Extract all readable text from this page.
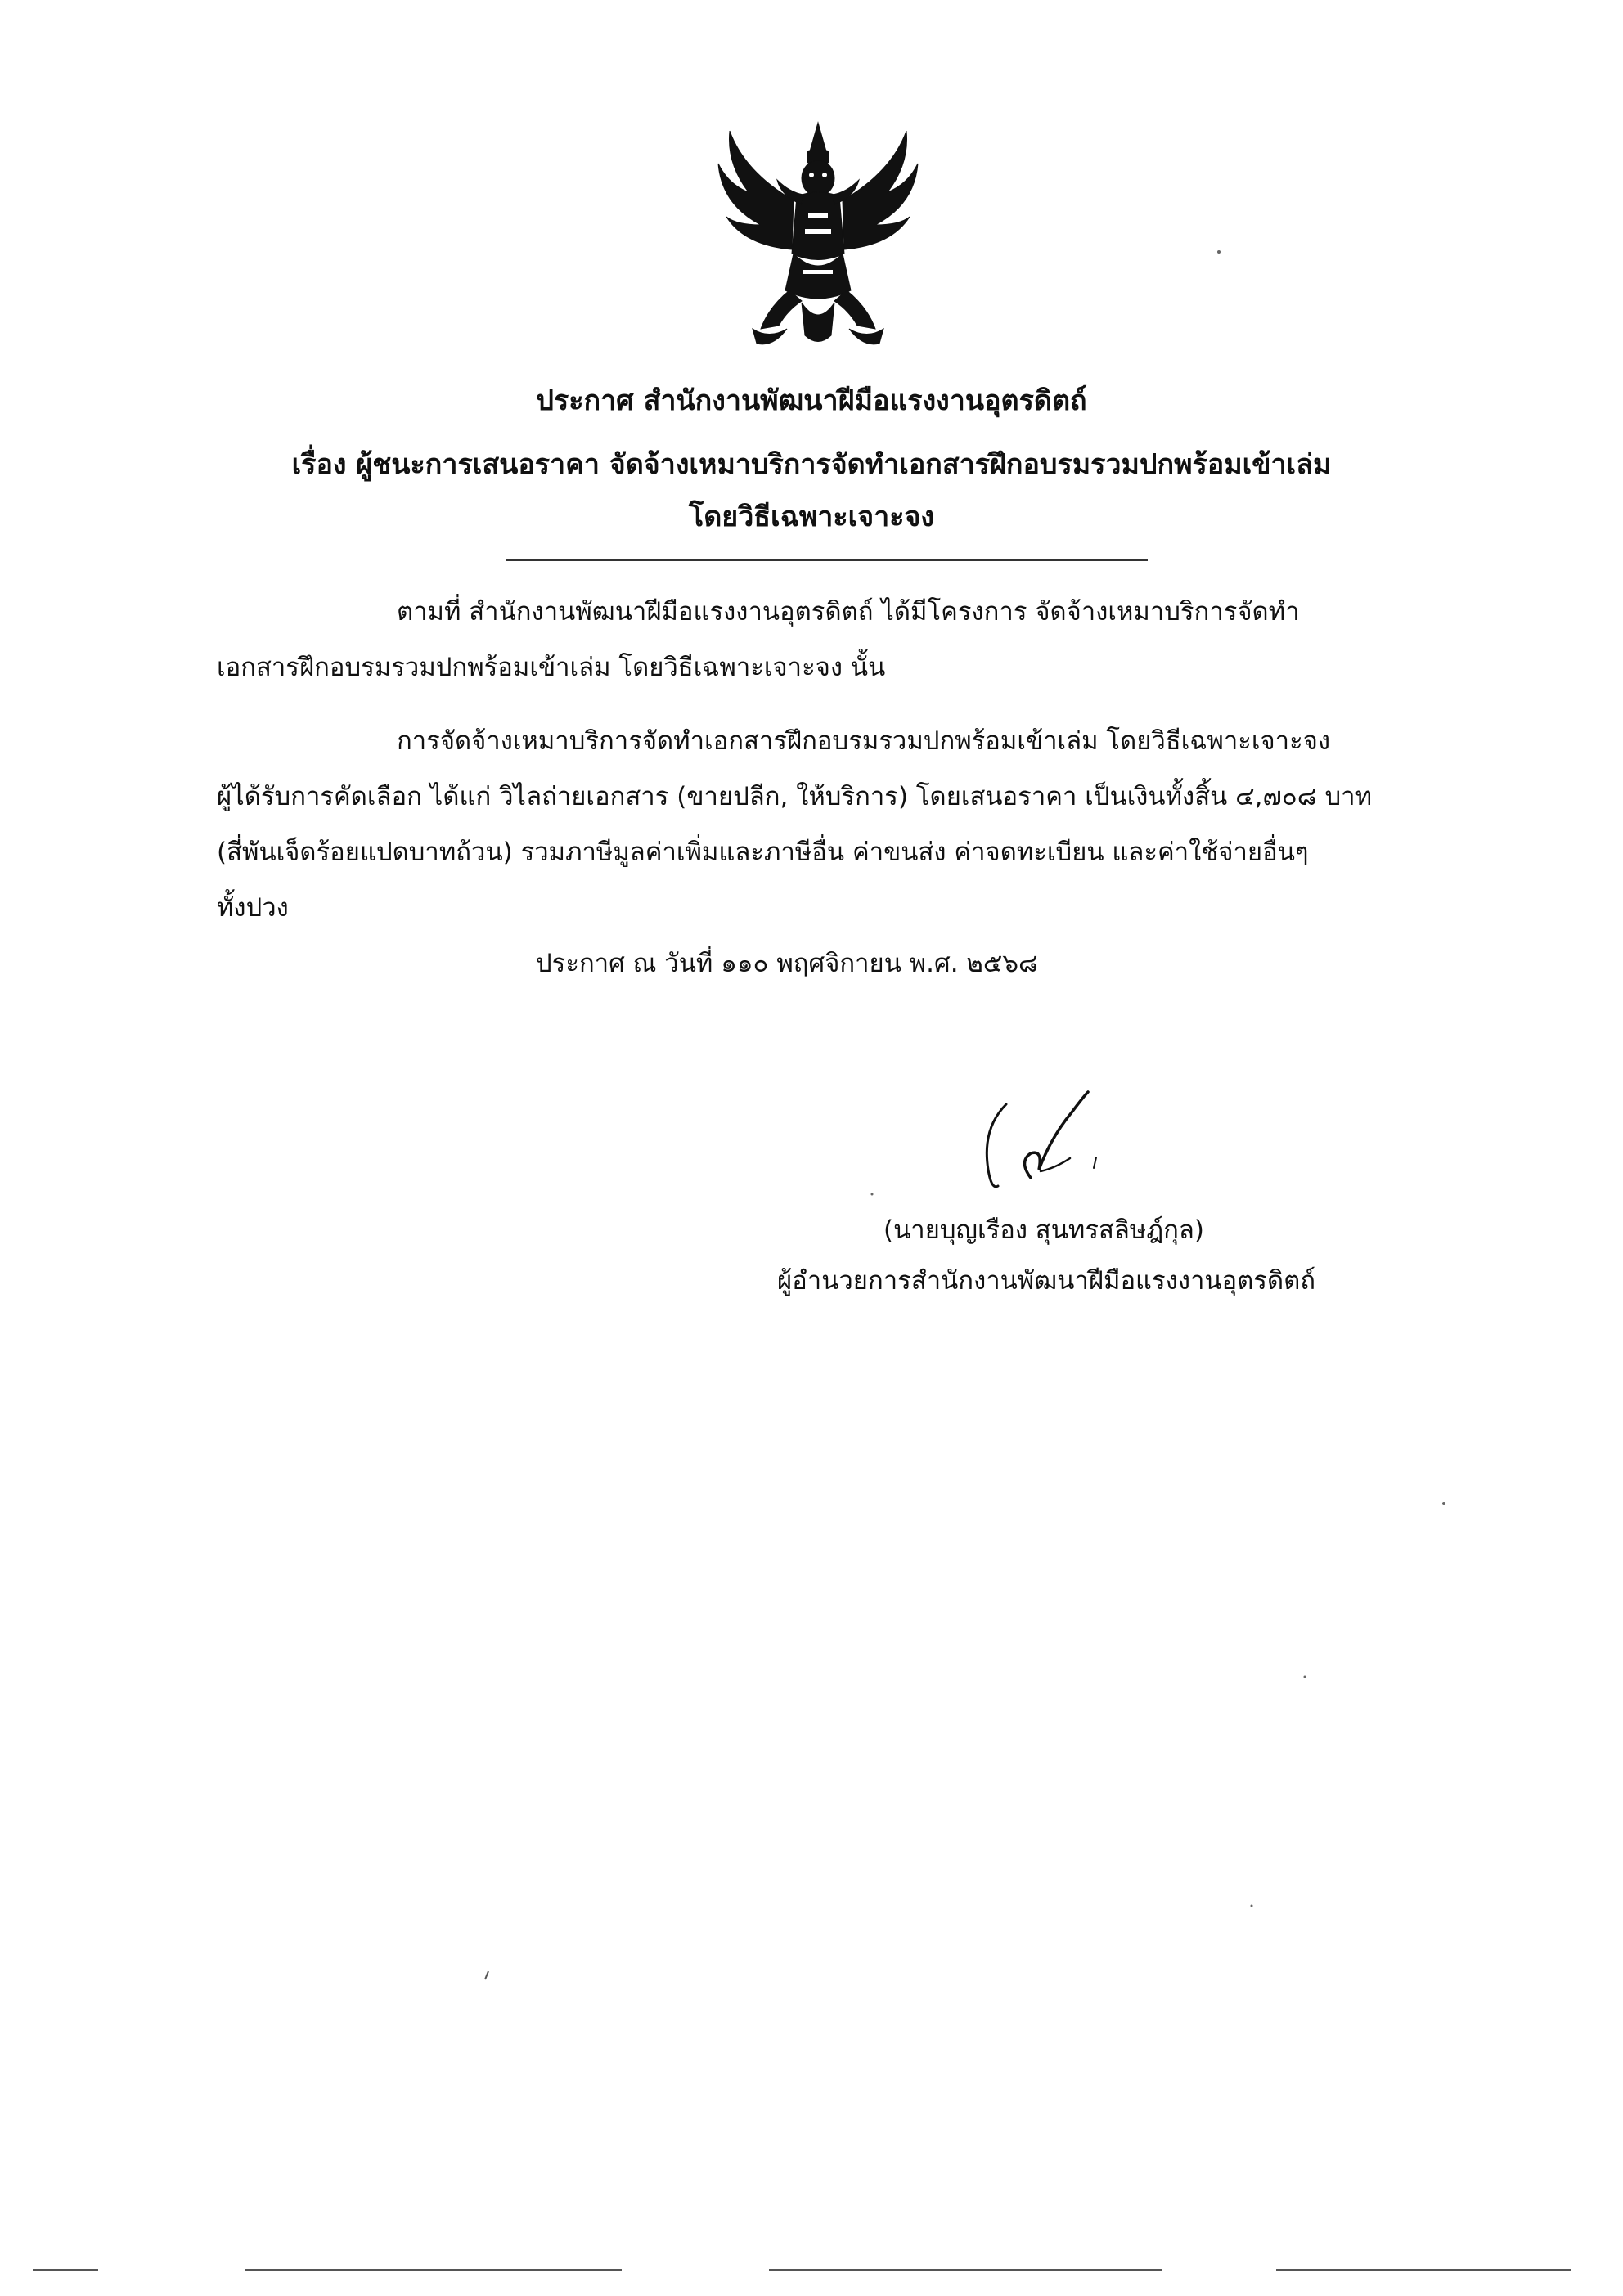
ประกาศ สำนักงานพัฒนาฝีมือแรงงานอุตรดิตถ์
เรื่อง ผู้ชนะการเสนอราคา จัดจ้างเหมาบริการจัดทำเอกสารฝึกอบรมรวมปกพร้อมเข้าเล่ม
โดยวิธีเฉพาะเจาะจง
ตามที่ สำนักงานพัฒนาฝีมือแรงงานอุตรดิตถ์ ได้มีโครงการ จัดจ้างเหมาบริการจัดทำ
เอกสารฝึกอบรมรวมปกพร้อมเข้าเล่ม โดยวิธีเฉพาะเจาะจง นั้น
การจัดจ้างเหมาบริการจัดทำเอกสารฝึกอบรมรวมปกพร้อมเข้าเล่ม โดยวิธีเฉพาะเจาะจง
ผู้ได้รับการคัดเลือก ได้แก่ วิไลถ่ายเอกสาร (ขายปลีก, ให้บริการ) โดยเสนอราคา เป็นเงินทั้งสิ้น ๔,๗๐๘ บาท
(สี่พันเจ็ดร้อยแปดบาทถ้วน) รวมภาษีมูลค่าเพิ่มและภาษีอื่น ค่าขนส่ง ค่าจดทะเบียน และค่าใช้จ่ายอื่นๆ
ทั้งปวง
ประกาศ ณ วันที่ ๑๑๐ พฤศจิกายน พ.ศ. ๒๕๖๘
(นายบุญเรือง สุนทรสลิษฎ์กุล)
ผู้อำนวยการสำนักงานพัฒนาฝีมือแรงงานอุตรดิตถ์
